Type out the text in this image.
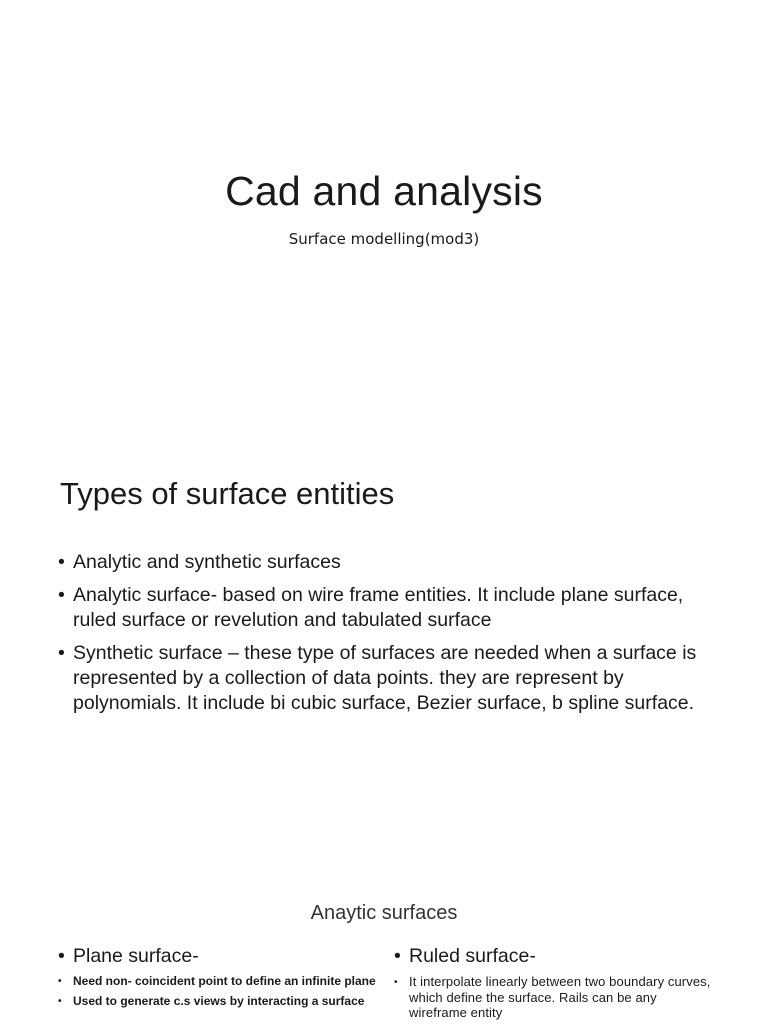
Cad and analysis
Surface modelling(mod3)
Types of surface entities
• Analytic and synthetic surfaces
• Analytic surface- based on wire frame entities. It include plane surface, ruled surface or revelution and tabulated surface
• Synthetic surface – these type of surfaces are needed when a surface is represented by a collection of data points. they are represent by polynomials. It include bi cubic surface, Bezier surface, b spline surface.
Anaytic surfaces
• Plane surface-
• Need non- coincident point to define an infinite plane
• Used to generate c.s views by interacting a surface
• Ruled surface-
• It interpolate linearly between two boundary curves, which define the surface. Rails can be any wireframe entity
